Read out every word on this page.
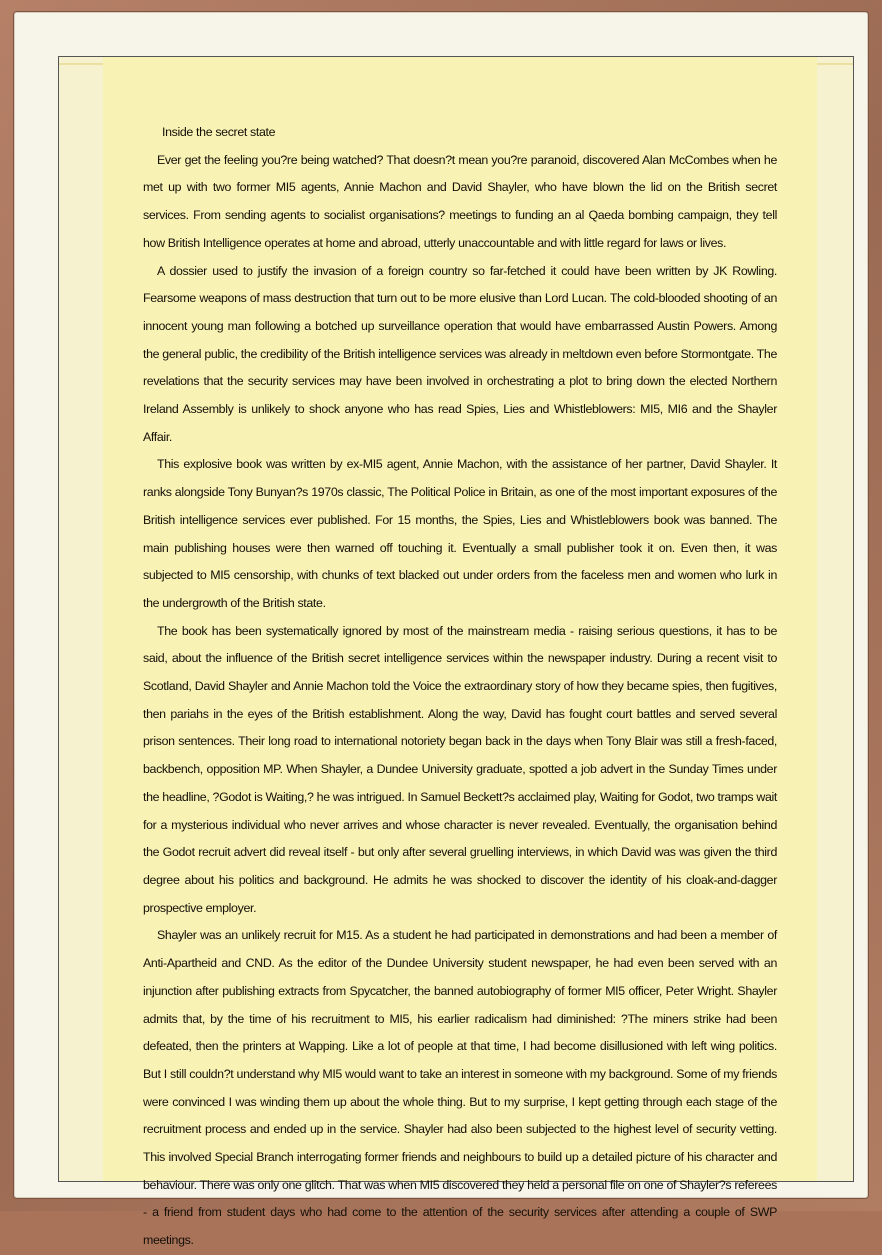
Inside the secret state

Ever get the feeling you?re being watched? That doesn?t mean you?re paranoid, discovered Alan McCombes when he met up with two former MI5 agents, Annie Machon and David Shayler, who have blown the lid on the British secret services. From sending agents to socialist organisations? meetings to funding an al Qaeda bombing campaign, they tell how British Intelligence operates at home and abroad, utterly unaccountable and with little regard for laws or lives.

A dossier used to justify the invasion of a foreign country so far-fetched it could have been written by JK Rowling. Fearsome weapons of mass destruction that turn out to be more elusive than Lord Lucan. The cold-blooded shooting of an innocent young man following a botched up surveillance operation that would have embarrassed Austin Powers. Among the general public, the credibility of the British intelligence services was already in meltdown even before Stormontgate. The revelations that the security services may have been involved in orchestrating a plot to bring down the elected Northern Ireland Assembly is unlikely to shock anyone who has read Spies, Lies and Whistleblowers: MI5, MI6 and the Shayler Affair.

This explosive book was written by ex-MI5 agent, Annie Machon, with the assistance of her partner, David Shayler. It ranks alongside Tony Bunyan?s 1970s classic, The Political Police in Britain, as one of the most important exposures of the British intelligence services ever published. For 15 months, the Spies, Lies and Whistleblowers book was banned. The main publishing houses were then warned off touching it. Eventually a small publisher took it on. Even then, it was subjected to MI5 censorship, with chunks of text blacked out under orders from the faceless men and women who lurk in the undergrowth of the British state.

The book has been systematically ignored by most of the mainstream media - raising serious questions, it has to be said, about the influence of the British secret intelligence services within the newspaper industry. During a recent visit to Scotland, David Shayler and Annie Machon told the Voice the extraordinary story of how they became spies, then fugitives, then pariahs in the eyes of the British establishment. Along the way, David has fought court battles and served several prison sentences. Their long road to international notoriety began back in the days when Tony Blair was still a fresh-faced, backbench, opposition MP. When Shayler, a Dundee University graduate, spotted a job advert in the Sunday Times under the headline, ?Godot is Waiting,? he was intrigued. In Samuel Beckett?s acclaimed play, Waiting for Godot, two tramps wait for a mysterious individual who never arrives and whose character is never revealed. Eventually, the organisation behind the Godot recruit advert did reveal itself - but only after several gruelling interviews, in which David was was given the third degree about his politics and background. He admits he was shocked to discover the identity of his cloak-and-dagger prospective employer.

Shayler was an unlikely recruit for M15. As a student he had participated in demonstrations and had been a member of Anti-Apartheid and CND. As the editor of the Dundee University student newspaper, he had even been served with an injunction after publishing extracts from Spycatcher, the banned autobiography of former MI5 officer, Peter Wright. Shayler admits that, by the time of his recruitment to MI5, his earlier radicalism had diminished: ?The miners strike had been defeated, then the printers at Wapping. Like a lot of people at that time, I had become disillusioned with left wing politics. But I still couldn?t understand why MI5 would want to take an interest in someone with my background. Some of my friends were convinced I was winding them up about the whole thing. But to my surprise, I kept getting through each stage of the recruitment process and ended up in the service. Shayler had also been subjected to the highest level of security vetting. This involved Special Branch interrogating former friends and neighbours to build up a detailed picture of his character and behaviour. There was only one glitch. That was when MI5 discovered they held a personal file on one of Shayler?s referees - a friend from student days who had come to the attention of the security services after attending a couple of SWP meetings.
